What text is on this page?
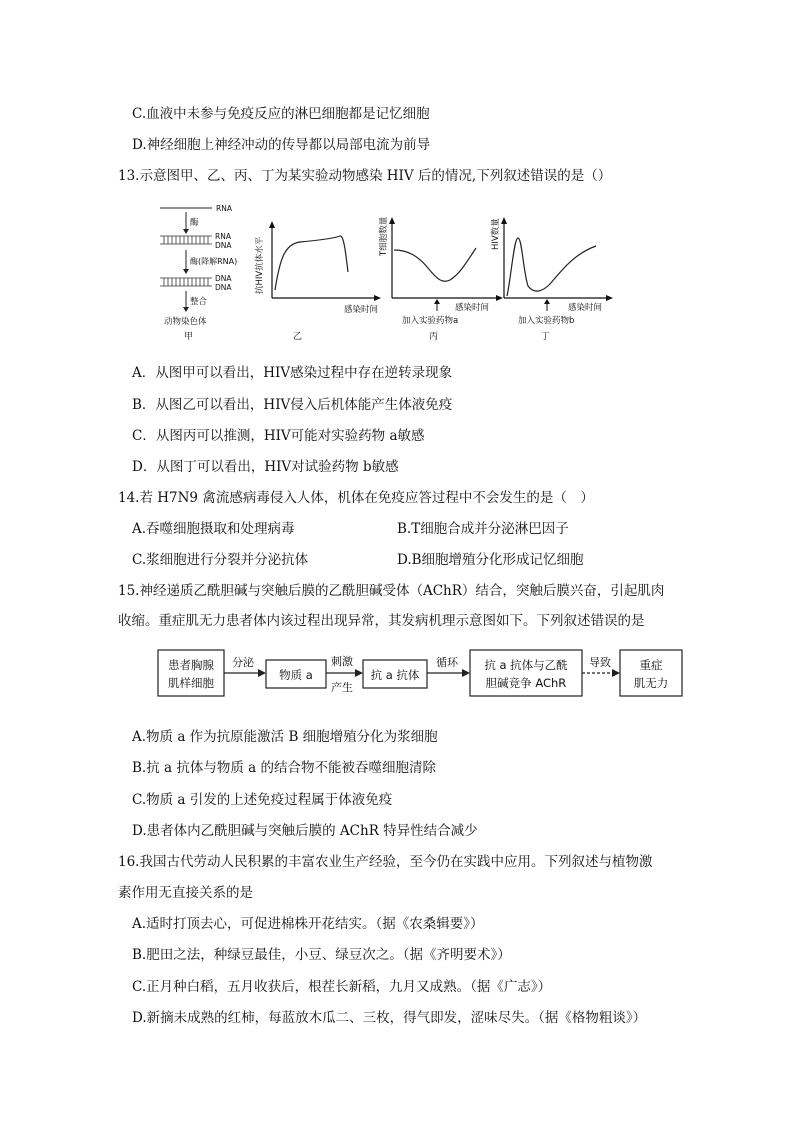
C.血液中未参与免疫反应的淋巴细胞都是记忆细胞
D.神经细胞上神经冲动的传导都以局部电流为前导
13.示意图甲、乙、丙、丁为某实验动物感染 HIV 后的情况,下列叙述错误的是（）
RNA
酶
RNA
DNA
酶(降解RNA)
DNA
DNA
整合
动物染色体
甲
抗HIV抗体水平
感染时间
乙
T细胞数量
感染时间
加入实验药物a
丙
HIV数量
感染时间
加入实验药物b
丁
A．从图甲可以看出，HIV感染过程中存在逆转录现象
B．从图乙可以看出，HIV侵入后机体能产生体液免疫
C．从图丙可以推测，HIV可能对实验药物 a敏感
D．从图丁可以看出，HIV对试验药物 b敏感
14.若 H7N9 禽流感病毒侵入人体，机体在免疫应答过程中不会发生的是（　）
A.吞噬细胞摄取和处理病毒	B.T细胞合成并分泌淋巴因子
C.浆细胞进行分裂并分泌抗体	D.B细胞增殖分化形成记忆细胞
15.神经递质乙酰胆碱与突触后膜的乙酰胆碱受体（AChR）结合，突触后膜兴奋，引起肌肉
收缩。重症肌无力患者体内该过程出现异常，其发病机理示意图如下。下列叙述错误的是
患者胸腺
肌样细胞
分泌
物质 a
刺激
产生
抗 a 抗体
循环 抗 a 抗体与乙酰
胆碱竞争 AChR
导致 重症
肌无力
A.物质 a 作为抗原能激活 B 细胞增殖分化为浆细胞
B.抗 a 抗体与物质 a 的结合物不能被吞噬细胞清除
C.物质 a 引发的上述免疫过程属于体液免疫
D.患者体内乙酰胆碱与突触后膜的 AChR 特异性结合减少
16.我国古代劳动人民积累的丰富农业生产经验，至今仍在实践中应用。下列叙述与植物激
素作用无直接关系的是
A.适时打顶去心，可促进棉株开花结实。（据《农桑辑要》）
B.肥田之法，种绿豆最佳，小豆、绿豆次之。（据《齐明要术》）
C.正月种白稻，五月收获后，根茬长新稻，九月又成熟。（据《广志》）
D.新摘未成熟的红柿，每蓝放木瓜二、三枚，得气即发，涩味尽失。（据《格物粗谈》）
